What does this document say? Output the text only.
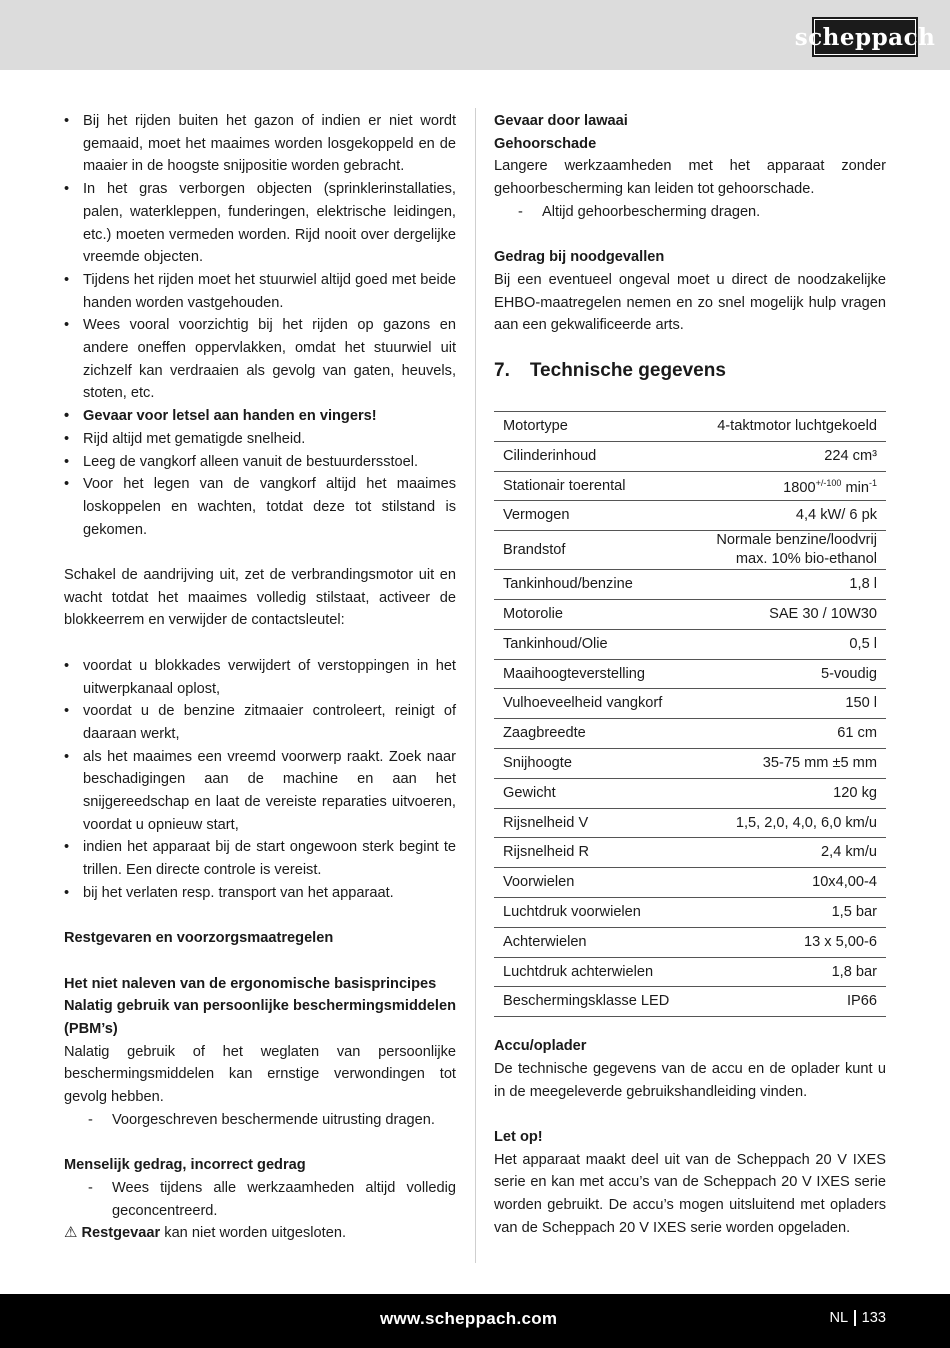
scheppach
• Bij het rijden buiten het gazon of indien er niet wordt gemaaid, moet het maaimes worden losgekoppeld en de maaier in de hoogste snijpositie worden gebracht.
• In het gras verborgen objecten (sprinklerinstallaties, palen, waterkleppen, funderingen, elektrische leidingen, etc.) moeten vermeden worden. Rijd nooit over dergelijke vreemde objecten.
• Tijdens het rijden moet het stuurwiel altijd goed met beide handen worden vastgehouden.
• Wees vooral voorzichtig bij het rijden op gazons en andere oneffen oppervlakken, omdat het stuurwiel uit zichzelf kan verdraaien als gevolg van gaten, heuvels, stoten, etc.
• Gevaar voor letsel aan handen en vingers!
• Rijd altijd met gematigde snelheid.
• Leeg de vangkorf alleen vanuit de bestuurdersstoel.
• Voor het legen van de vangkorf altijd het maaimes loskoppelen en wachten, totdat deze tot stilstand is gekomen.

Schakel de aandrijving uit, zet de verbrandingsmotor uit en wacht totdat het maaimes volledig stilstaat, activeer de blokkeerrem en verwijder de contactsleutel:

• voordat u blokkades verwijdert of verstoppingen in het uitwerpkanaal oplost,
• voordat u de benzine zitmaaier controleert, reinigt of daaraan werkt,
• als het maaimes een vreemd voorwerp raakt. Zoek naar beschadigingen aan de machine en aan het snijgereedschap en laat de vereiste reparaties uitvoeren, voordat u opnieuw start,
• indien het apparaat bij de start ongewoon sterk begint te trillen. Een directe controle is vereist.
• bij het verlaten resp. transport van het apparaat.
Restgevaren en voorzorgsmaatregelen
Het niet naleven van de ergonomische basisprincipes
Nalatig gebruik van persoonlijke beschermingsmiddelen (PBM’s)

Nalatig gebruik of het weglaten van persoonlijke beschermingsmiddelen kan ernstige verwondingen tot gevolg hebben.

- Voorgeschreven beschermende uitrusting dragen.
Menselijk gedrag, incorrect gedrag
- Wees tijdens alle werkzaamheden altijd volledig geconcentreerd.
⚠ Restgevaar kan niet worden uitgesloten.
Gevaar door lawaai
Gehoorschade

Langere werkzaamheden met het apparaat zonder gehoorbescherming kan leiden tot gehoorschade.

- Altijd gehoorbescherming dragen.
Gedrag bij noodgevallen

Bij een eventueel ongeval moet u direct de noodzakelijke EHBO-maatregelen nemen en zo snel mogelijk hulp vragen aan een gekwalificeerde arts.

7. Technische gegevens
Motortype	4-taktmotor luchtgekoeld
Cilinderinhoud	224 cm³
Stationair toerental	$1800^{+/-100}$ $\min^{-1}$
Vermogen	4,4 kW/ 6 pk
Brandstof	Normale benzine/loodvrij
max. 10% bio-ethanol
Tankinhoud/benzine	1,8 l
Motorolie	SAE 30 / 10W30
Tankinhoud/Olie	0,5 l
Maaihoogteverstelling	5-voudig
Vulhoeveelheid vangkorf	150 l
Zaagbreedte	61 cm
Snijhoogte	35-75 mm ±5 mm
Gewicht	120 kg
Rijsnelheid V	1,5, 2,0, 4,0, 6,0 km/u
Rijsnelheid R	2,4 km/u
Voorwielen	10x4,00-4
Luchtdruk voorwielen	1,5 bar
Achterwielen	13 x 5,00-6
Luchtdruk achterwielen	1,8 bar
Beschermingsklasse LED	IP66
Accu/oplader

De technische gegevens van de accu en de oplader kunt u in de meegeleverde gebruikshandleiding vinden.

Let op!

Het apparaat maakt deel uit van de Scheppach 20 V IXES serie en kan met accu’s van de Scheppach 20 V IXES serie worden gebruikt. De accu’s mogen uitsluitend met opladers van de Scheppach 20 V IXES serie worden opgeladen.

www.scheppach.com	NL 133
